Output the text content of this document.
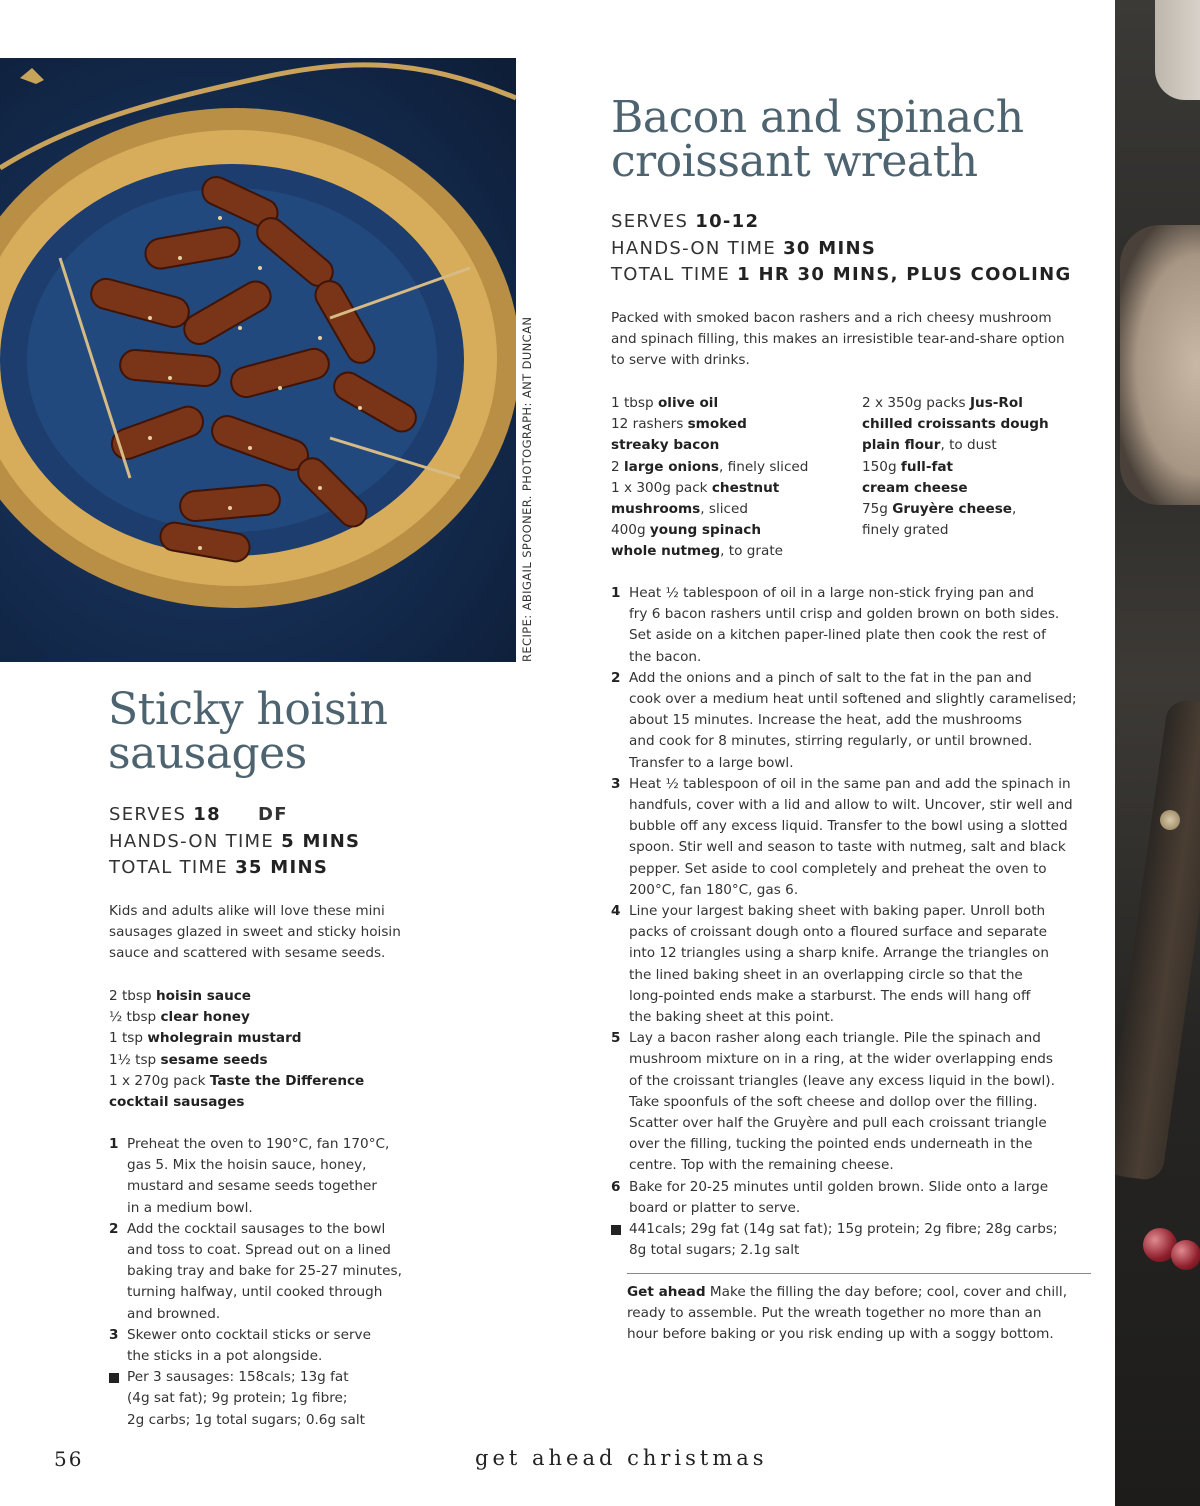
RECIPE: ABIGAIL SPOONER. PHOTOGRAPH: ANT DUNCAN
Sticky hoisin
sausages
SERVES 18 DF
HANDS-ON TIME 5 MINS
TOTAL TIME 35 MINS
Kids and adults alike will love these mini
sausages glazed in sweet and sticky hoisin
sauce and scattered with sesame seeds.
2 tbsp hoisin sauce
½ tbsp clear honey
1 tsp wholegrain mustard
1½ tsp sesame seeds
1 x 270g pack Taste the Difference
cocktail sausages
1 Preheat the oven to 190°C, fan 170°C,
gas 5. Mix the hoisin sauce, honey,
mustard and sesame seeds together
in a medium bowl.
2 Add the cocktail sausages to the bowl
and toss to coat. Spread out on a lined
baking tray and bake for 25-27 minutes,
turning halfway, until cooked through
and browned.
3 Skewer onto cocktail sticks or serve
the sticks in a pot alongside.
Per 3 sausages: 158cals; 13g fat
(4g sat fat); 9g protein; 1g fibre;
2g carbs; 1g total sugars; 0.6g salt
Bacon and spinach
croissant wreath
SERVES 10-12
HANDS-ON TIME 30 MINS
TOTAL TIME 1 HR 30 MINS, PLUS COOLING
Packed with smoked bacon rashers and a rich cheesy mushroom
and spinach filling, this makes an irresistible tear-and-share option
to serve with drinks.
1 tbsp olive oil
12 rashers smoked
streaky bacon
2 large onions, finely sliced
1 x 300g pack chestnut
mushrooms, sliced
400g young spinach
whole nutmeg, to grate
2 x 350g packs Jus-Rol
chilled croissants dough
plain flour, to dust
150g full-fat
cream cheese
75g Gruyère cheese,
finely grated
1 Heat ½ tablespoon of oil in a large non-stick frying pan and
fry 6 bacon rashers until crisp and golden brown on both sides.
Set aside on a kitchen paper-lined plate then cook the rest of
the bacon.
2 Add the onions and a pinch of salt to the fat in the pan and
cook over a medium heat until softened and slightly caramelised;
about 15 minutes. Increase the heat, add the mushrooms
and cook for 8 minutes, stirring regularly, or until browned.
Transfer to a large bowl.
3 Heat ½ tablespoon of oil in the same pan and add the spinach in
handfuls, cover with a lid and allow to wilt. Uncover, stir well and
bubble off any excess liquid. Transfer to the bowl using a slotted
spoon. Stir well and season to taste with nutmeg, salt and black
pepper. Set aside to cool completely and preheat the oven to
200°C, fan 180°C, gas 6.
4 Line your largest baking sheet with baking paper. Unroll both
packs of croissant dough onto a floured surface and separate
into 12 triangles using a sharp knife. Arrange the triangles on
the lined baking sheet in an overlapping circle so that the
long-pointed ends make a starburst. The ends will hang off
the baking sheet at this point.
5 Lay a bacon rasher along each triangle. Pile the spinach and
mushroom mixture on in a ring, at the wider overlapping ends
of the croissant triangles (leave any excess liquid in the bowl).
Take spoonfuls of the soft cheese and dollop over the filling.
Scatter over half the Gruyère and pull each croissant triangle
over the filling, tucking the pointed ends underneath in the
centre. Top with the remaining cheese.
6 Bake for 20-25 minutes until golden brown. Slide onto a large
board or platter to serve.
441cals; 29g fat (14g sat fat); 15g protein; 2g fibre; 28g carbs;
8g total sugars; 2.1g salt
Get ahead Make the filling the day before; cool, cover and chill,
ready to assemble. Put the wreath together no more than an
hour before baking or you risk ending up with a soggy bottom.
56	get ahead christmas
